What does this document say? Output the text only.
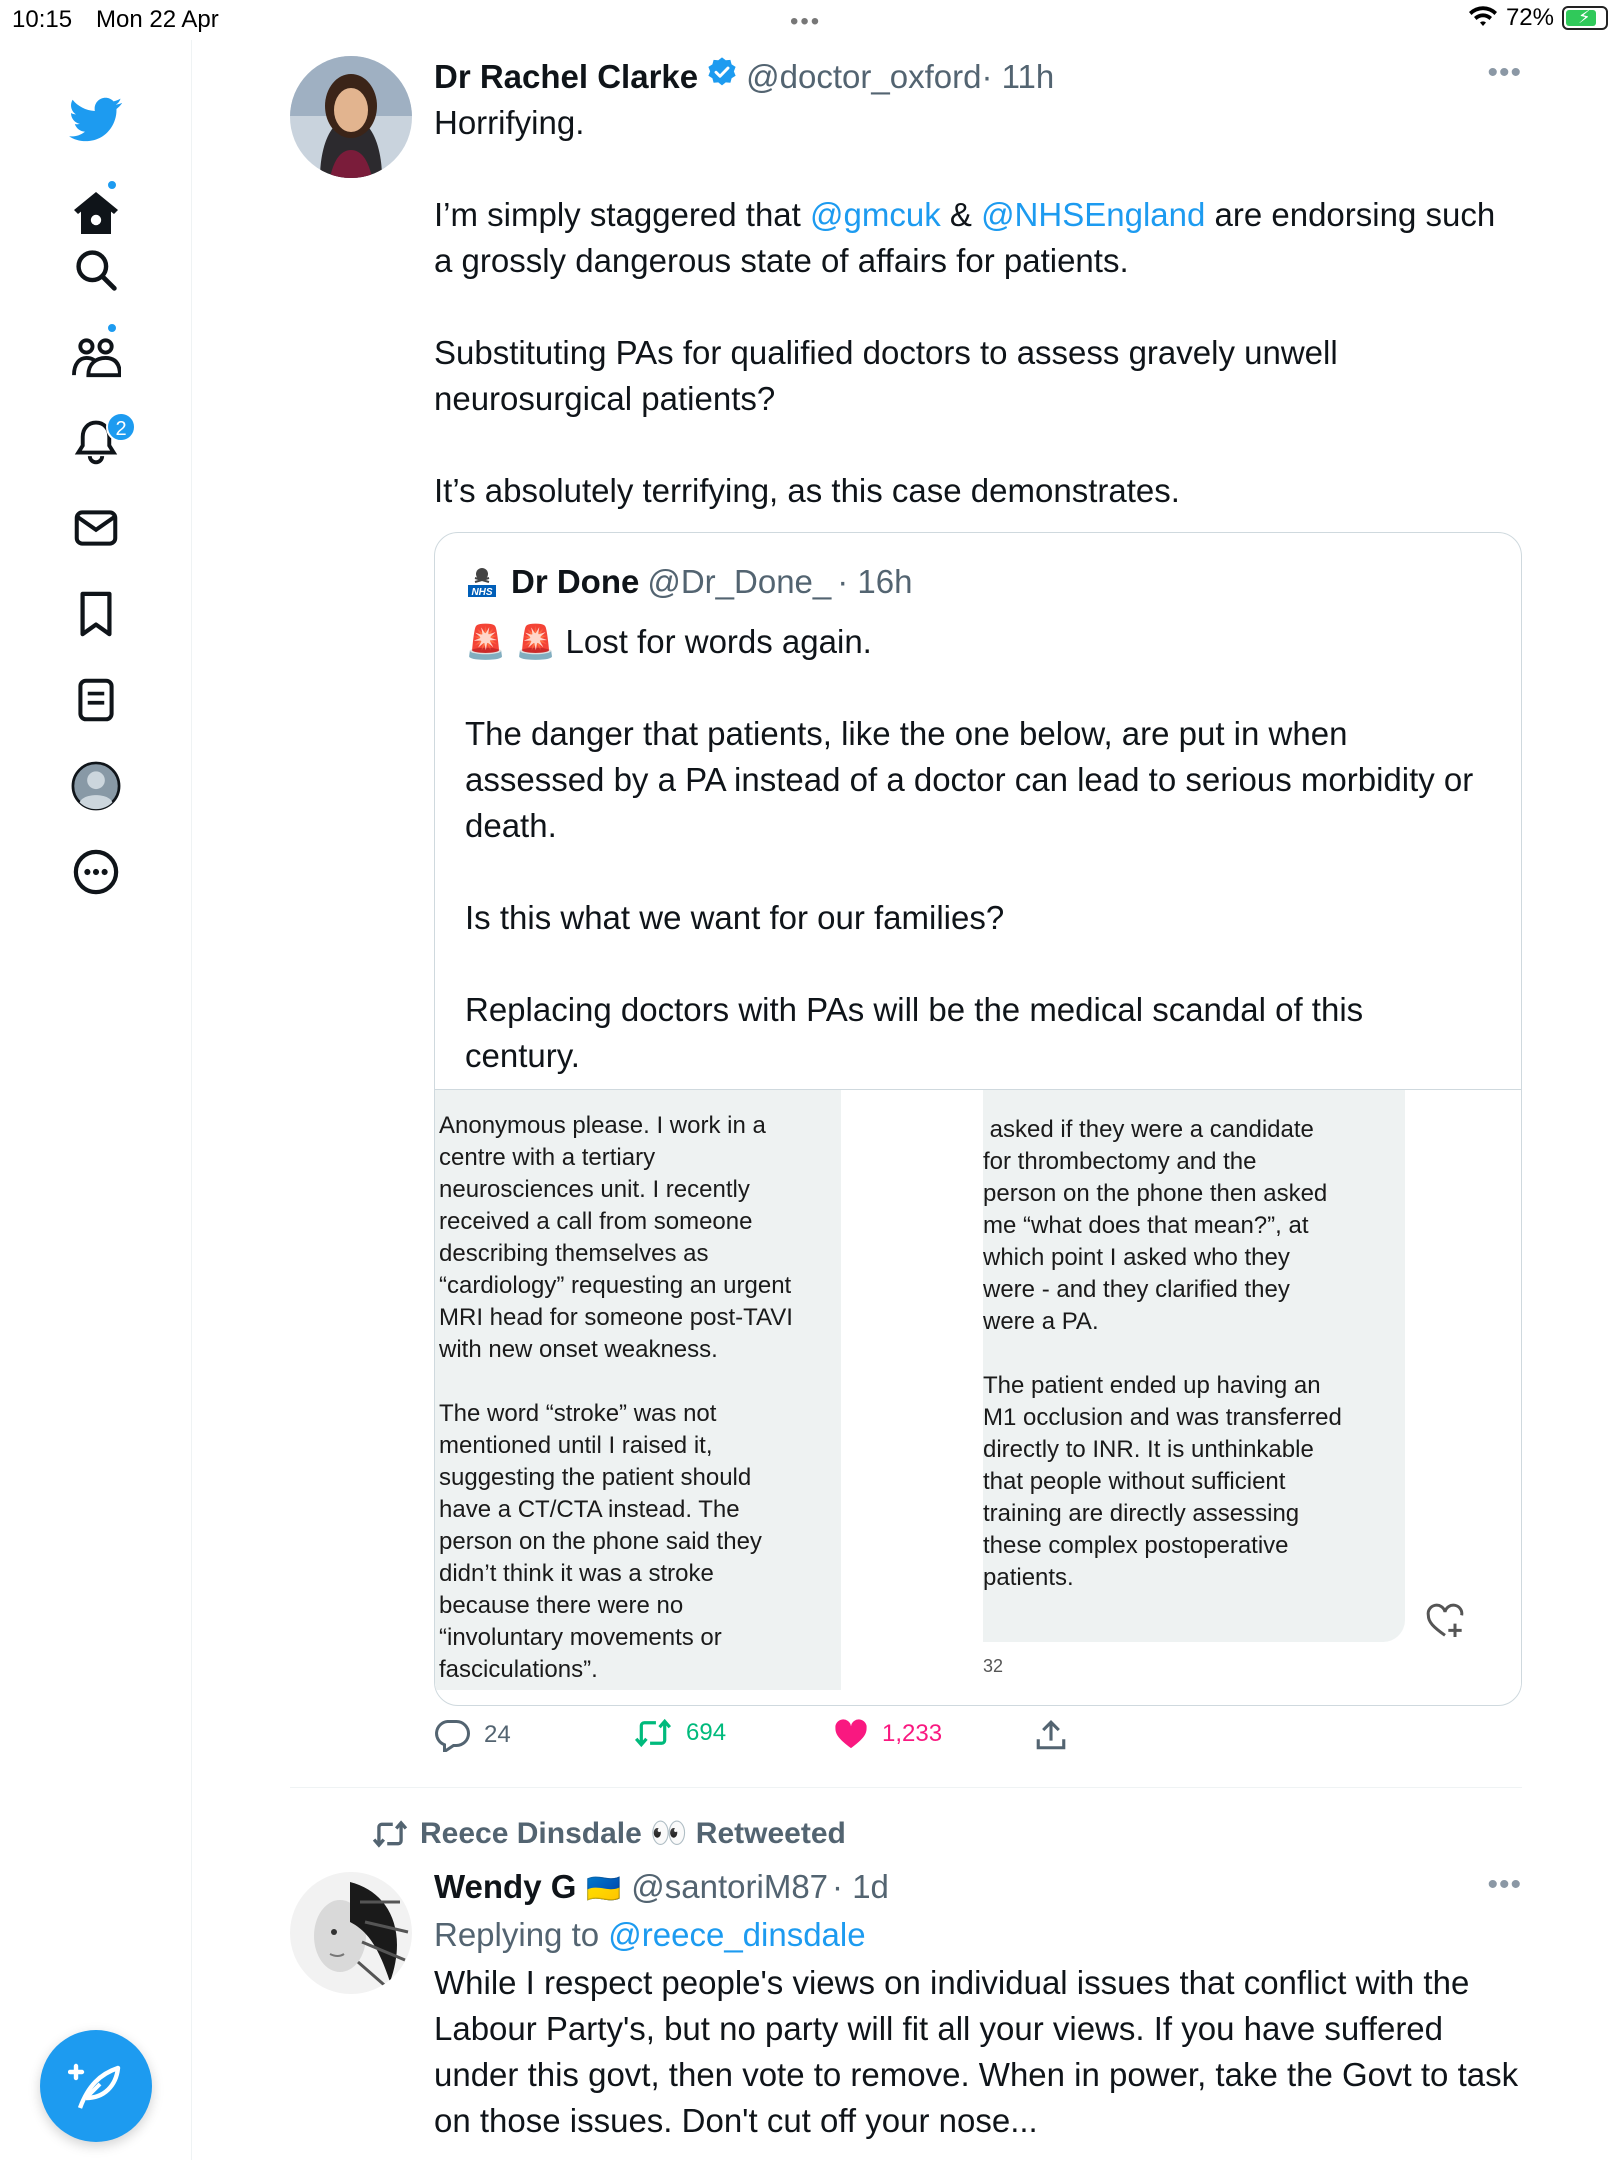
10:15 Mon 22 Apr	•••	72% ⚡
2
Dr Rachel Clarke @doctor_oxford · 11h	•••
Horrifying.
I’m simply staggered that @gmcuk & @NHSEngland are endorsing such a grossly dangerous state of affairs for patients.
Substituting PAs for qualified doctors to assess gravely unwell neurosurgical patients?
It’s absolutely terrifying, as this case demonstrates.
NHS Dr Done @Dr_Done_ · 16h
🚨 🚨 Lost for words again.

The danger that patients, like the one below, are put in when assessed by a PA instead of a doctor can lead to serious morbidity or death.

Is this what we want for our families?

Replacing doctors with PAs will be the medical scandal of this century.
Anonymous please. I work in a
centre with a tertiary
neurosciences unit. I recently
received a call from someone
describing themselves as
“cardiology” requesting an urgent
MRI head for someone post-TAVI
with new onset weakness.

The word “stroke” was not
mentioned until I raised it,
suggesting the patient should
have a CT/CTA instead. The
person on the phone said they
didn’t think it was a stroke
because there were no
“involuntary movements or
fasciculations”.
asked if they were a candidate
for thrombectomy and the
person on the phone then asked
me “what does that mean?”, at
which point I asked who they
were - and they clarified they
were a PA.

The patient ended up having an
M1 occlusion and was transferred
directly to INR. It is unthinkable
that people without sufficient
training are directly assessing
these complex postoperative
patients.
32
24	694	1,233
Reece Dinsdale 👀 Retweeted
Wendy G 🇺🇦 @santoriM87 · 1d	•••
Replying to @reece_dinsdale
While I respect people's views on individual issues that conflict with the Labour Party's, but no party will fit all your views. If you have suffered under this govt, then vote to remove. When in power, take the Govt to task on those issues. Don't cut off your nose...
